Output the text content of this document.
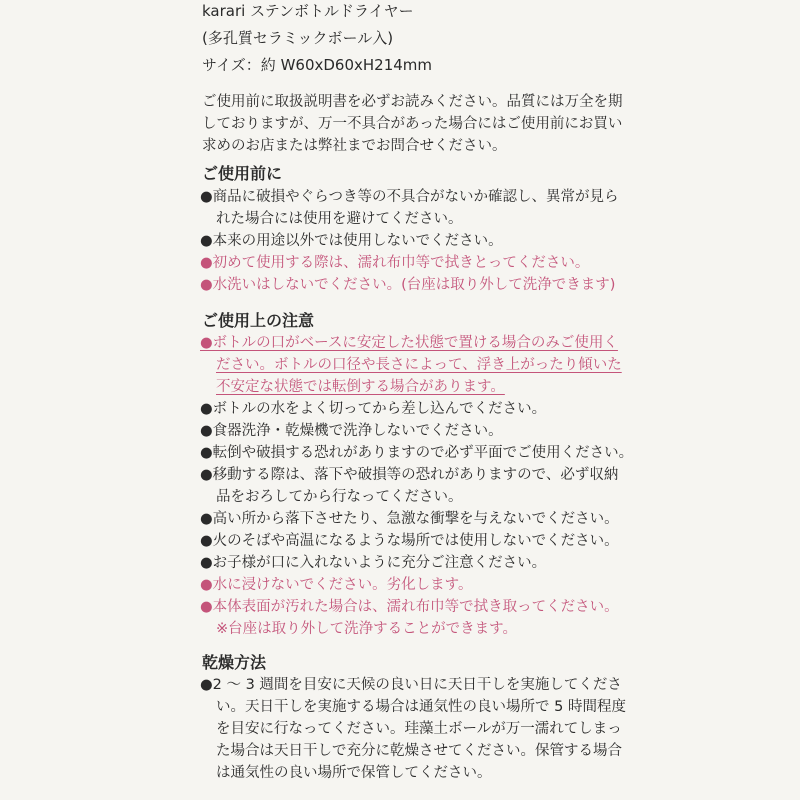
karari ステンボトルドライヤー
(多孔質セラミックボール入)
サイズ：約 W60xD60xH214mm
ご使用前に取扱説明書を必ずお読みください。品質には万全を期
しておりますが、万一不具合があった場合にはご使用前にお買い
求めのお店または弊社までお問合せください。
ご使用前に
●商品に破損やぐらつき等の不具合がないか確認し、異常が見ら
れた場合には使用を避けてください。
●本来の用途以外では使用しないでください。
●初めて使用する際は、濡れ布巾等で拭きとってください。
●水洗いはしないでください。(台座は取り外して洗浄できます)
ご使用上の注意
●ボトルの口がベースに安定した状態で置ける場合のみご使用く
ださい。ボトルの口径や長さによって、浮き上がったり傾いた
不安定な状態では転倒する場合があります。
●ボトルの水をよく切ってから差し込んでください。
●食器洗浄・乾燥機で洗浄しないでください。
●転倒や破損する恐れがありますので必ず平面でご使用ください。
●移動する際は、落下や破損等の恐れがありますので、必ず収納
品をおろしてから行なってください。
●高い所から落下させたり、急激な衝撃を与えないでください。
●火のそばや高温になるような場所では使用しないでください。
●お子様が口に入れないように充分ご注意ください。
●水に浸けないでください。劣化します。
●本体表面が汚れた場合は、濡れ布巾等で拭き取ってください。
※台座は取り外して洗浄することができます。
乾燥方法
●2 〜 3 週間を目安に天候の良い日に天日干しを実施してくださ
い。天日干しを実施する場合は通気性の良い場所で 5 時間程度
を目安に行なってください。珪藻土ボールが万一濡れてしまっ
た場合は天日干しで充分に乾燥させてください。保管する場合
は通気性の良い場所で保管してください。
